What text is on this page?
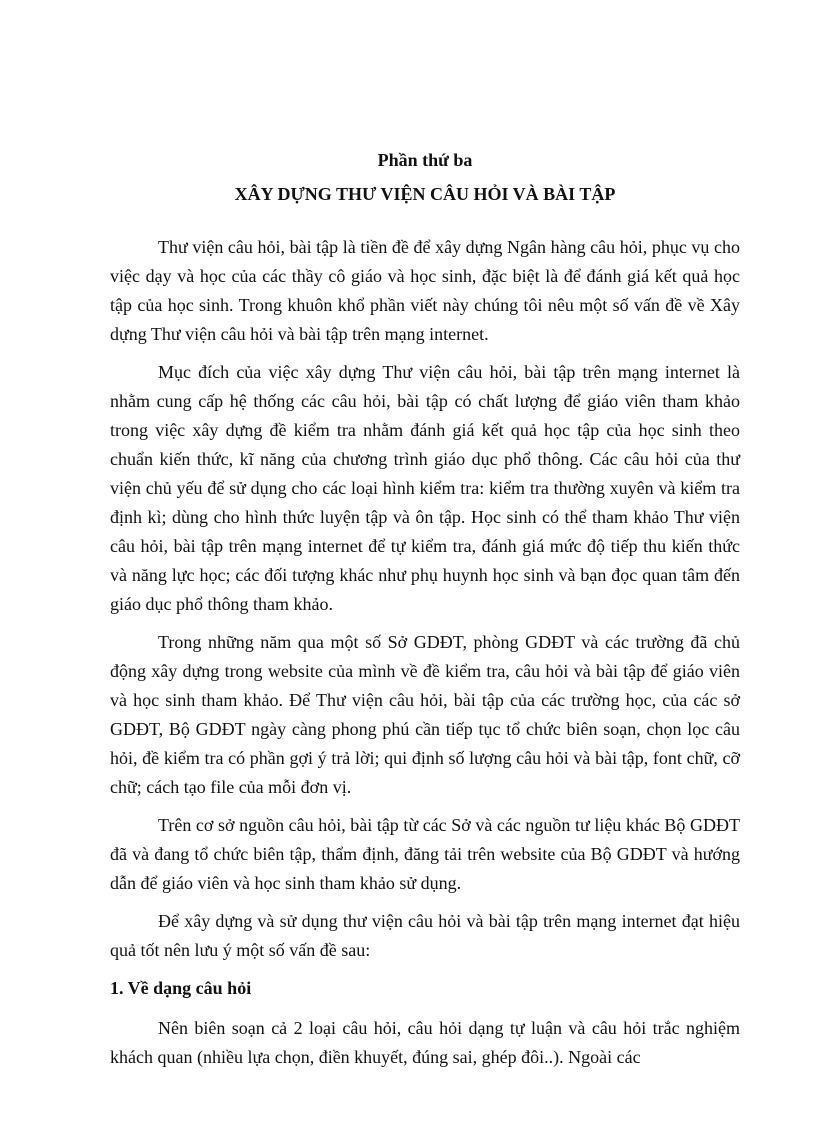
Phần thứ ba
XÂY DỰNG THƯ VIỆN CÂU HỎI VÀ BÀI TẬP

Thư viện câu hỏi, bài tập là tiền đề để xây dựng Ngân hàng câu hỏi, phục vụ cho việc dạy và học của các thầy cô giáo và học sinh, đặc biệt là để đánh giá kết quả học tập của học sinh. Trong khuôn khổ phần viết này chúng tôi nêu một số vấn đề về Xây dựng Thư viện câu hỏi và bài tập trên mạng internet.

Mục đích của việc xây dựng Thư viện câu hỏi, bài tập trên mạng internet là nhằm cung cấp hệ thống các câu hỏi, bài tập có chất lượng để giáo viên tham khảo trong việc xây dựng đề kiểm tra nhằm đánh giá kết quả học tập của học sinh theo chuẩn kiến thức, kĩ năng của chương trình giáo dục phổ thông. Các câu hỏi của thư viện chủ yếu để sử dụng cho các loại hình kiểm tra: kiểm tra thường xuyên và kiểm tra định kì; dùng cho hình thức luyện tập và ôn tập. Học sinh có thể tham khảo Thư viện câu hỏi, bài tập trên mạng internet để tự kiểm tra, đánh giá mức độ tiếp thu kiến thức và năng lực học; các đối tượng khác như phụ huynh học sinh và bạn đọc quan tâm đến giáo dục phổ thông tham khảo.

Trong những năm qua một số Sở GDĐT, phòng GDĐT và các trường đã chủ động xây dựng trong website của mình về đề kiểm tra, câu hỏi và bài tập để giáo viên và học sinh tham khảo. Để Thư viện câu hỏi, bài tập của các trường học, của các sở GDĐT, Bộ GDĐT ngày càng phong phú cần tiếp tục tổ chức biên soạn, chọn lọc câu hỏi, đề kiểm tra có phần gợi ý trả lời; qui định số lượng câu hỏi và bài tập, font chữ, cỡ chữ; cách tạo file của mỗi đơn vị.

Trên cơ sở nguồn câu hỏi, bài tập từ các Sở và các nguồn tư liệu khác Bộ GDĐT đã và đang tổ chức biên tập, thẩm định, đăng tải trên website của Bộ GDĐT và hướng dẫn để giáo viên và học sinh tham khảo sử dụng.

Để xây dựng và sử dụng thư viện câu hỏi và bài tập trên mạng internet đạt hiệu quả tốt nên lưu ý một số vấn đề sau:

1. Về dạng câu hỏi

Nên biên soạn cả 2 loại câu hỏi, câu hỏi dạng tự luận và câu hỏi trắc nghiệm khách quan (nhiều lựa chọn, điền khuyết, đúng sai, ghép đôi..). Ngoài các
